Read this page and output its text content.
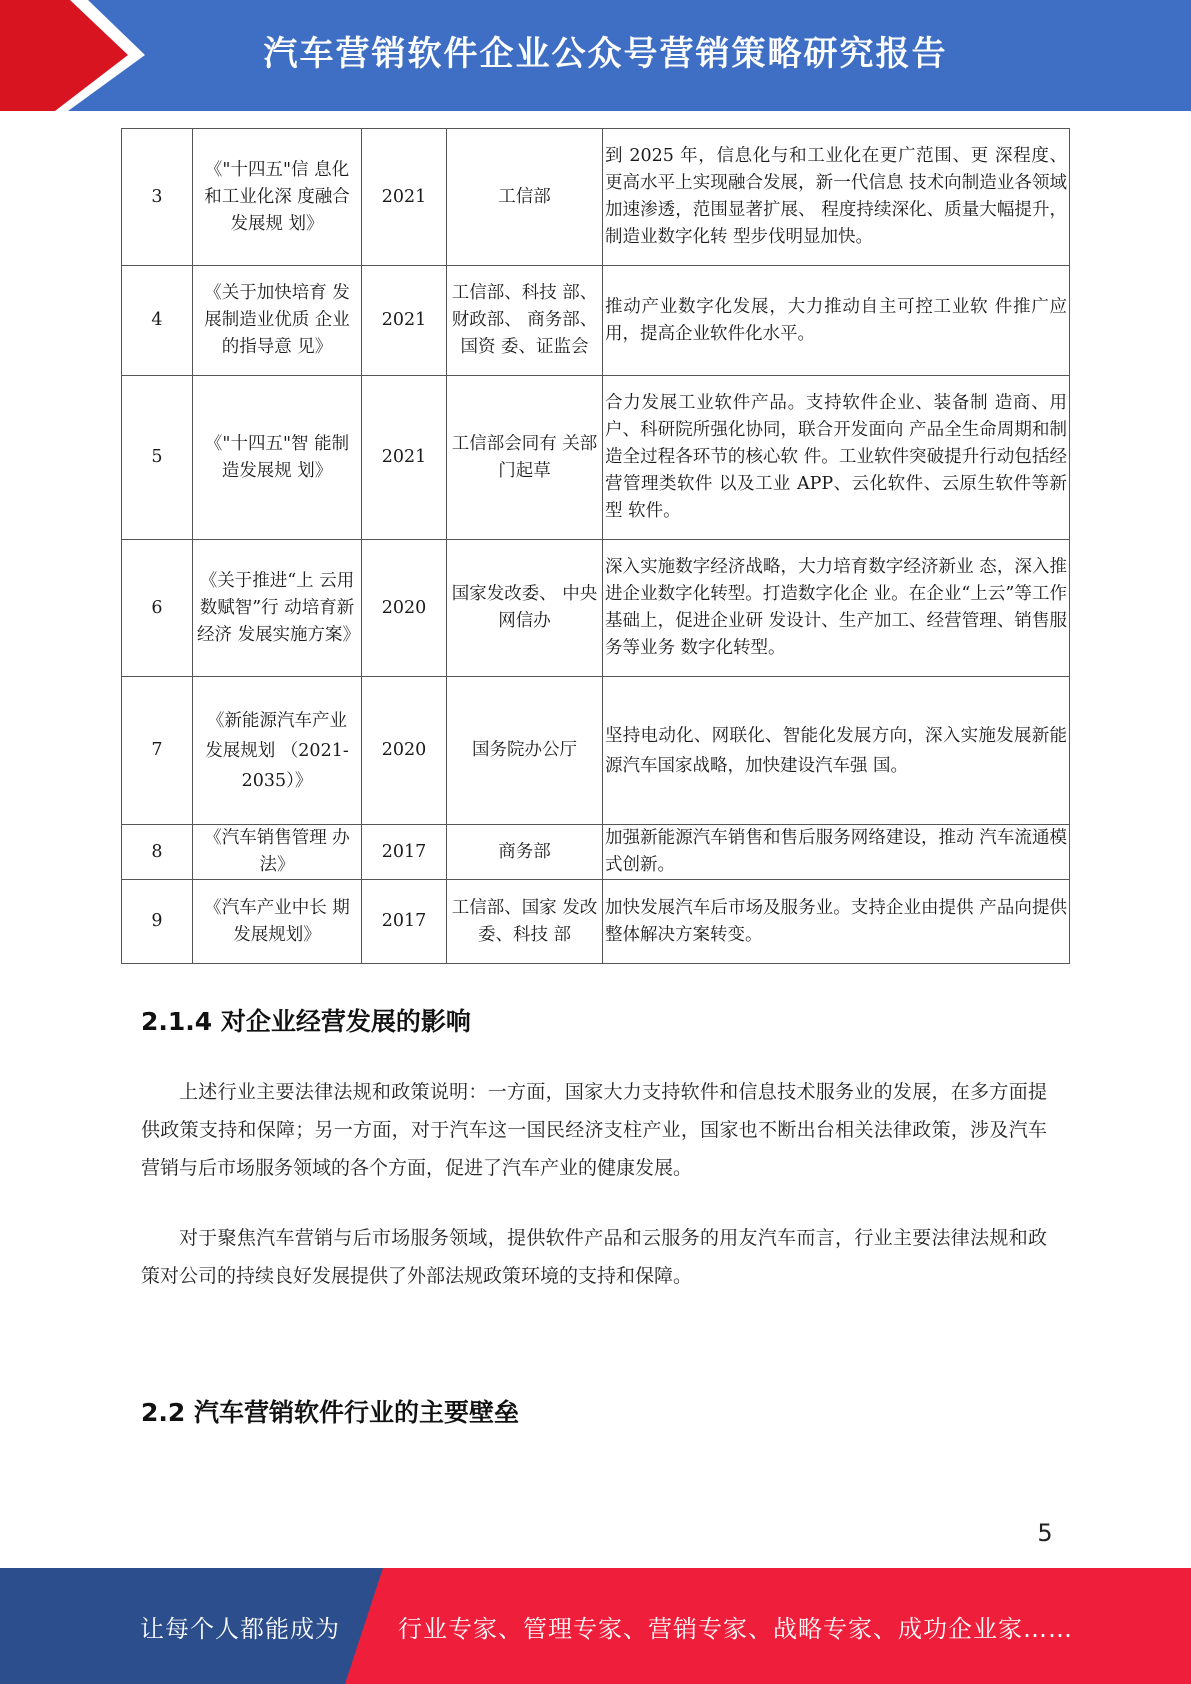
汽车营销软件企业公众号营销策略研究报告
3	《"十四五"信 息化和工业化深 度融合发展规 划》	2021	工信部	到 2025 年，信息化与和工业化在更广范围、更 深程度、更高水平上实现融合发展，新一代信息 技术向制造业各领域加速渗透，范围显著扩展、 程度持续深化、质量大幅提升，制造业数字化转 型步伐明显加快。
4	《关于加快培育 发展制造业优质 企业的指导意 见》	2021	工信部、科技 部、财政部、 商务部、国资 委、证监会	推动产业数字化发展，大力推动自主可控工业软 件推广应用，提高企业软件化水平。
5	《"十四五"智 能制造发展规 划》	2021	工信部会同有 关部门起草	合力发展工业软件产品。支持软件企业、装备制 造商、用户、科研院所强化协同，联合开发面向 产品全生命周期和制造全过程各环节的核心软 件。工业软件突破提升行动包括经营管理类软件 以及工业 APP、云化软件、云原生软件等新型 软件。
6	《关于推进“上 云用数赋智”行 动培育新经济 发展实施方案》	2020	国家发改委、 中央网信办	深入实施数字经济战略，大力培育数字经济新业 态，深入推进企业数字化转型。打造数字化企 业。在企业“上云”等工作基础上，促进企业研 发设计、生产加工、经营管理、销售服务等业务 数字化转型。
7	《新能源汽车产业 发展规划 （2021-2035）》	2020	国务院办公厅	坚持电动化、网联化、智能化发展方向，深入实施发展新能源汽车国家战略，加快建设汽车强 国。
8	《汽车销售管理 办法》	2017	商务部	加强新能源汽车销售和售后服务网络建设，推动 汽车流通模式创新。
9	《汽车产业中长 期发展规划》	2017	工信部、国家 发改委、科技 部	加快发展汽车后市场及服务业。支持企业由提供 产品向提供整体解决方案转变。
2.1.4 对企业经营发展的影响

上述行业主要法律法规和政策说明：一方面，国家大力支持软件和信息技术服务业的发展，在多方面提供政策支持和保障；另一方面，对于汽车这一国民经济支柱产业，国家也不断出台相关法律政策，涉及汽车营销与后市场服务领域的各个方面，促进了汽车产业的健康发展。

对于聚焦汽车营销与后市场服务领域，提供软件产品和云服务的用友汽车而言，行业主要法律法规和政策对公司的持续良好发展提供了外部法规政策环境的支持和保障。

2.2 汽车营销软件行业的主要壁垒
5
让每个人都能成为 行业专家、管理专家、营销专家、战略专家、成功企业家……
